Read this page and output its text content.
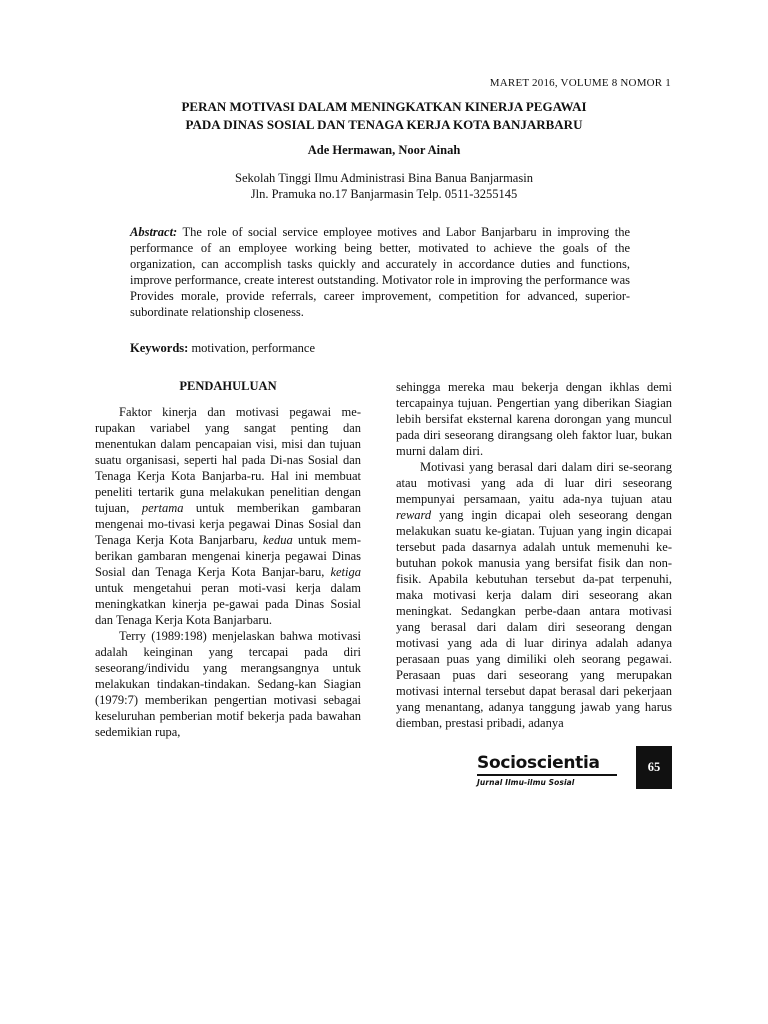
MARET 2016, VOLUME 8 NOMOR 1
PERAN MOTIVASI DALAM MENINGKATKAN KINERJA PEGAWAI
PADA DINAS SOSIAL DAN TENAGA KERJA KOTA BANJARBARU
Ade Hermawan, Noor Ainah
Sekolah Tinggi Ilmu Administrasi Bina Banua Banjarmasin
Jln. Pramuka no.17 Banjarmasin Telp. 0511-3255145
Abstract: The role of social service employee motives and Labor Banjarbaru in improving the performance of an employee working being better, motivated to achieve the goals of the organization, can accomplish tasks quickly and accurately in accordance duties and functions, improve performance, create interest outstanding. Motivator role in improving the performance was Provides morale, provide referrals, career improvement, competition for advanced, superior-subordinate relationship closeness.
Keywords: motivation, performance
PENDAHULUAN

Faktor kinerja dan motivasi pegawai me-rupakan variabel yang sangat penting dan menentukan dalam pencapaian visi, misi dan tujuan suatu organisasi, seperti hal pada Di-nas Sosial dan Tenaga Kerja Kota Banjarba-ru. Hal ini membuat peneliti tertarik guna melakukan penelitian dengan tujuan, pertama untuk memberikan gambaran mengenai mo-tivasi kerja pegawai Dinas Sosial dan Tenaga Kerja Kota Banjarbaru, kedua untuk mem-berikan gambaran mengenai kinerja pegawai Dinas Sosial dan Tenaga Kerja Kota Banjar-baru, ketiga untuk mengetahui peran moti-vasi kerja dalam meningkatkan kinerja pe-gawai pada Dinas Sosial dan Tenaga Kerja Kota Banjarbaru.

Terry (1989:198) menjelaskan bahwa motivasi adalah keinginan yang tercapai pada diri seseorang/individu yang merangsangnya untuk melakukan tindakan-tindakan. Sedang-kan Siagian (1979:7) memberikan pengertian motivasi sebagai keseluruhan pemberian motif bekerja pada bawahan sedemikian rupa,

sehingga mereka mau bekerja dengan ikhlas demi tercapainya tujuan. Pengertian yang diberikan Siagian lebih bersifat eksternal karena dorongan yang muncul pada diri seseorang dirangsang oleh faktor luar, bukan murni dalam diri.

Motivasi yang berasal dari dalam diri se-seorang atau motivasi yang ada di luar diri seseorang mempunyai persamaan, yaitu ada-nya tujuan atau reward yang ingin dicapai oleh seseorang dengan melakukan suatu ke-giatan. Tujuan yang ingin dicapai tersebut pada dasarnya adalah untuk memenuhi ke-butuhan pokok manusia yang bersifat fisik dan non-fisik. Apabila kebutuhan tersebut da-pat terpenuhi, maka motivasi kerja dalam diri seseorang akan meningkat. Sedangkan perbe-daan antara motivasi yang berasal dari dalam diri seseorang dengan motivasi yang ada di luar dirinya adalah adanya perasaan puas yang dimiliki oleh seorang pegawai. Perasaan puas dari seseorang yang merupakan motivasi internal tersebut dapat berasal dari pekerjaan yang menantang, adanya tanggung jawab yang harus diemban, prestasi pribadi, adanya

Socioscientia
Jurnal Ilmu-ilmu Sosial
65
